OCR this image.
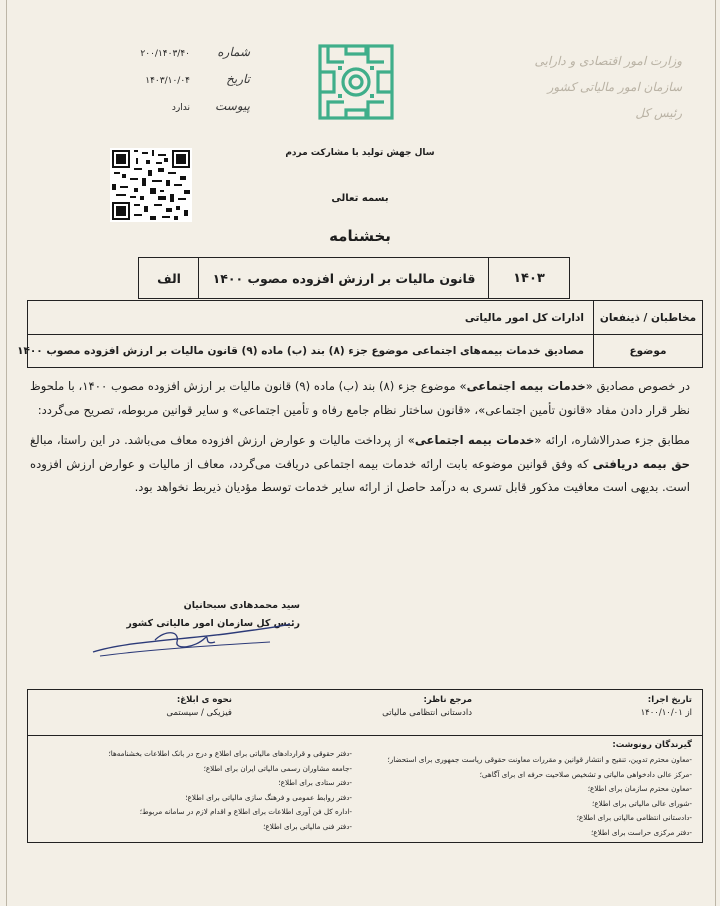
وزارت امور اقتصادی و دارایی
سازمان امور مالیاتی کشور
رئیس کل
شماره
۲۰۰/۱۴۰۳/۴۰
تاریخ
۱۴۰۳/۱۰/۰۴
پیوست
ندارد
سال جهش تولید با مشارکت مردم
بسمه تعالی
بخشنامه
۱۴۰۳
قانون مالیات بر ارزش افزوده مصوب ۱۴۰۰
الف
مخاطبان / ذینفعان
ادارات کل امور مالیاتی
موضوع
مصادیق خدمات بیمه‌های اجتماعی موضوع جزء (۸) بند (ب) ماده (۹) قانون مالیات بر ارزش افزوده مصوب ۱۴۰۰

در خصوص مصادیق «خدمات بیمه اجتماعی» موضوع جزء (۸) بند (ب) ماده (۹) قانون مالیات بر ارزش افزوده مصوب ۱۴۰۰، با ملحوظ نظر قرار دادن مفاد «قانون تأمین اجتماعی»، «قانون ساختار نظام جامع رفاه و تأمین اجتماعی» و سایر قوانین مربوطه، تصریح می‌گردد:

مطابق جزء صدرالاشاره، ارائه «خدمات بیمه اجتماعی» از پرداخت مالیات و عوارض ارزش افزوده معاف می‌باشد. در این راستا، مبالغ حق بیمه دریافتی که وفق قوانین موضوعه بابت ارائه خدمات بیمه اجتماعی دریافت می‌گردد، معاف از مالیات و عوارض ارزش افزوده است. بدیهی است معافیت مذکور قابل تسری به درآمد حاصل از ارائه سایر خدمات توسط مؤدیان ذیربط نخواهد بود.

سید محمدهادی سبحانیان
رئیس کل سازمان امور مالیاتی کشور
تاریخ اجرا:
از ۱۴۰۰/۱۰/۰۱
مرجع ناظر:
دادستانی انتظامی مالیاتی
نحوه ی ابلاغ:
فیزیکی / سیستمی
گیرندگان رونوشت:
-معاون محترم تدوین، تنقیح و انتشار قوانین و مقررات معاونت حقوقی ریاست جمهوری برای استحضار؛
-مرکز عالی دادخواهی مالیاتی و تشخیص صلاحیت حرفه ای برای آگاهی؛
-معاون محترم سازمان برای اطلاع؛
-شورای عالی مالیاتی برای اطلاع؛
-دادستانی انتظامی مالیاتی برای اطلاع؛
-دفتر مرکزی حراست برای اطلاع؛
-دفتر حقوقی و قراردادهای مالیاتی برای اطلاع و درج در بانک اطلاعات بخشنامه‌ها؛
-جامعه مشاوران رسمی مالیاتی ایران برای اطلاع؛
-دفتر ستادی برای اطلاع؛
-دفتر روابط عمومی و فرهنگ سازی مالیاتی برای اطلاع؛
-اداره کل فن آوری اطلاعات برای اطلاع و اقدام لازم در سامانه مربوط؛
-دفتر فنی مالیاتی برای اطلاع؛
